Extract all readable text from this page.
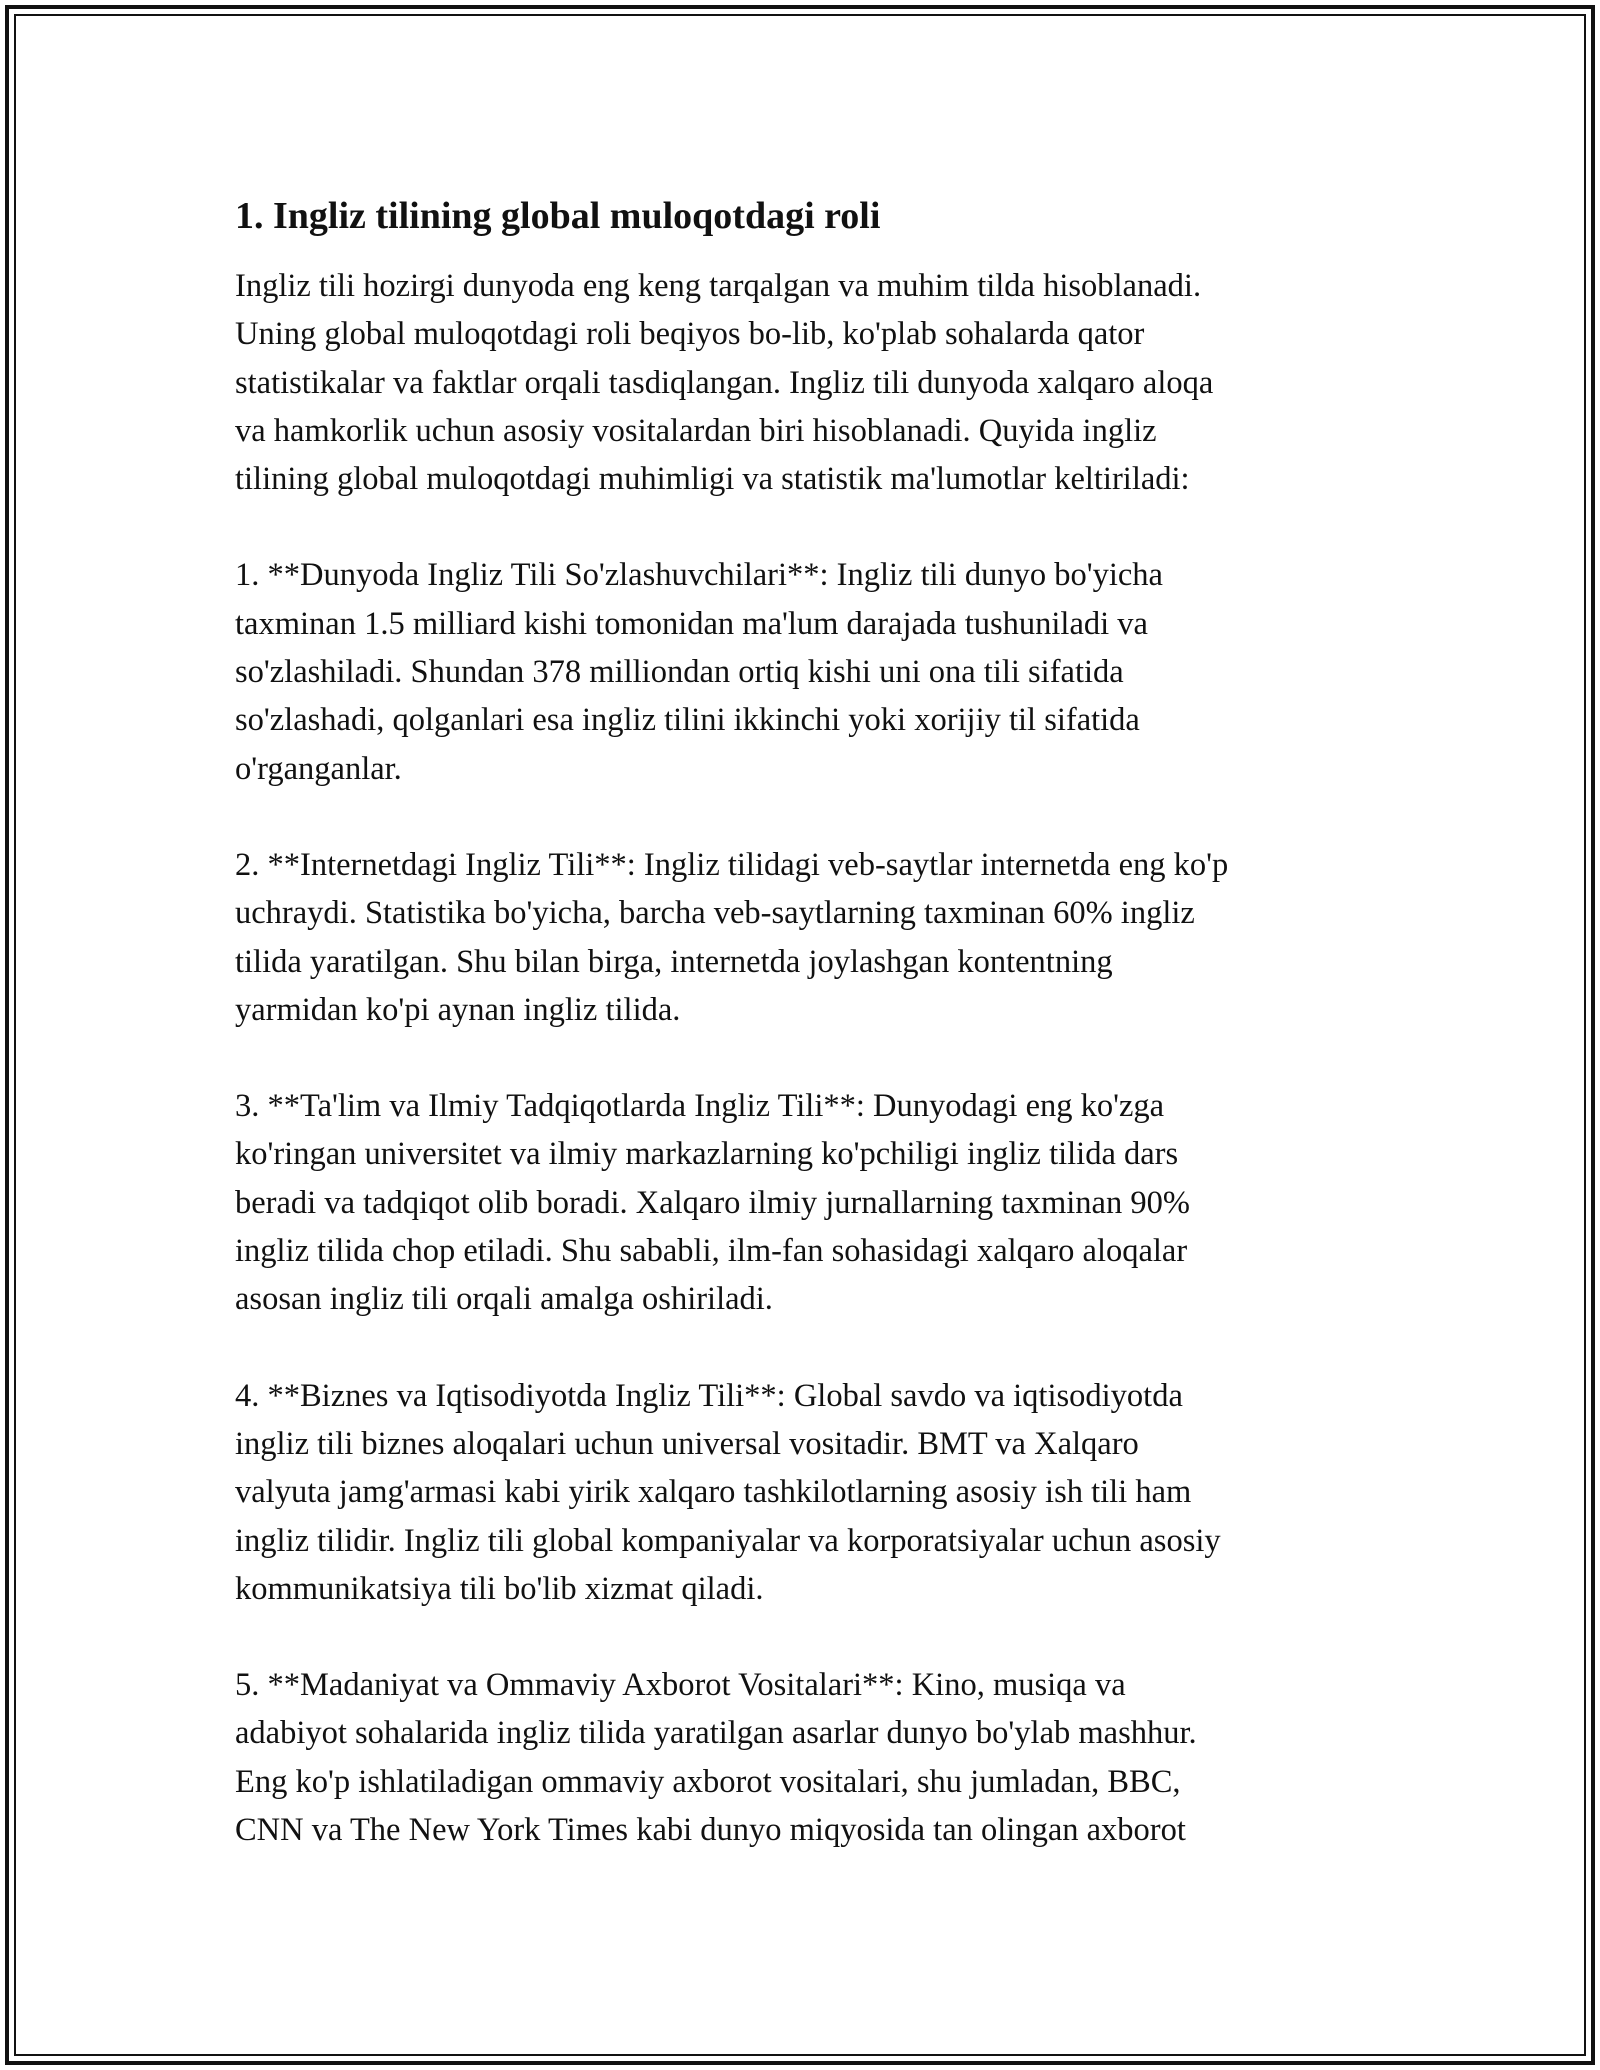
1. Ingliz tilining global muloqotdagi roli

Ingliz tili hozirgi dunyoda eng keng tarqalgan va muhim tilda hisoblanadi.
Uning global muloqotdagi roli beqiyos bo-lib, ko'plab sohalarda qator
statistikalar va faktlar orqali tasdiqlangan. Ingliz tili dunyoda xalqaro aloqa
va hamkorlik uchun asosiy vositalardan biri hisoblanadi. Quyida ingliz
tilining global muloqotdagi muhimligi va statistik ma'lumotlar keltiriladi:

1. **Dunyoda Ingliz Tili So'zlashuvchilari**: Ingliz tili dunyo bo'yicha
taxminan 1.5 milliard kishi tomonidan ma'lum darajada tushuniladi va
so'zlashiladi. Shundan 378 milliondan ortiq kishi uni ona tili sifatida
so'zlashadi, qolganlari esa ingliz tilini ikkinchi yoki xorijiy til sifatida
o'rganganlar.

2. **Internetdagi Ingliz Tili**: Ingliz tilidagi veb-saytlar internetda eng ko'p
uchraydi. Statistika bo'yicha, barcha veb-saytlarning taxminan 60% ingliz
tilida yaratilgan. Shu bilan birga, internetda joylashgan kontentning
yarmidan ko'pi aynan ingliz tilida.

3. **Ta'lim va Ilmiy Tadqiqotlarda Ingliz Tili**: Dunyodagi eng ko'zga
ko'ringan universitet va ilmiy markazlarning ko'pchiligi ingliz tilida dars
beradi va tadqiqot olib boradi. Xalqaro ilmiy jurnallarning taxminan 90%
ingliz tilida chop etiladi. Shu sababli, ilm-fan sohasidagi xalqaro aloqalar
asosan ingliz tili orqali amalga oshiriladi.

4. **Biznes va Iqtisodiyotda Ingliz Tili**: Global savdo va iqtisodiyotda
ingliz tili biznes aloqalari uchun universal vositadir. BMT va Xalqaro
valyuta jamg'armasi kabi yirik xalqaro tashkilotlarning asosiy ish tili ham
ingliz tilidir. Ingliz tili global kompaniyalar va korporatsiyalar uchun asosiy
kommunikatsiya tili bo'lib xizmat qiladi.

5. **Madaniyat va Ommaviy Axborot Vositalari**: Kino, musiqa va
adabiyot sohalarida ingliz tilida yaratilgan asarlar dunyo bo'ylab mashhur.
Eng ko'p ishlatiladigan ommaviy axborot vositalari, shu jumladan, BBC,
CNN va The New York Times kabi dunyo miqyosida tan olingan axborot
